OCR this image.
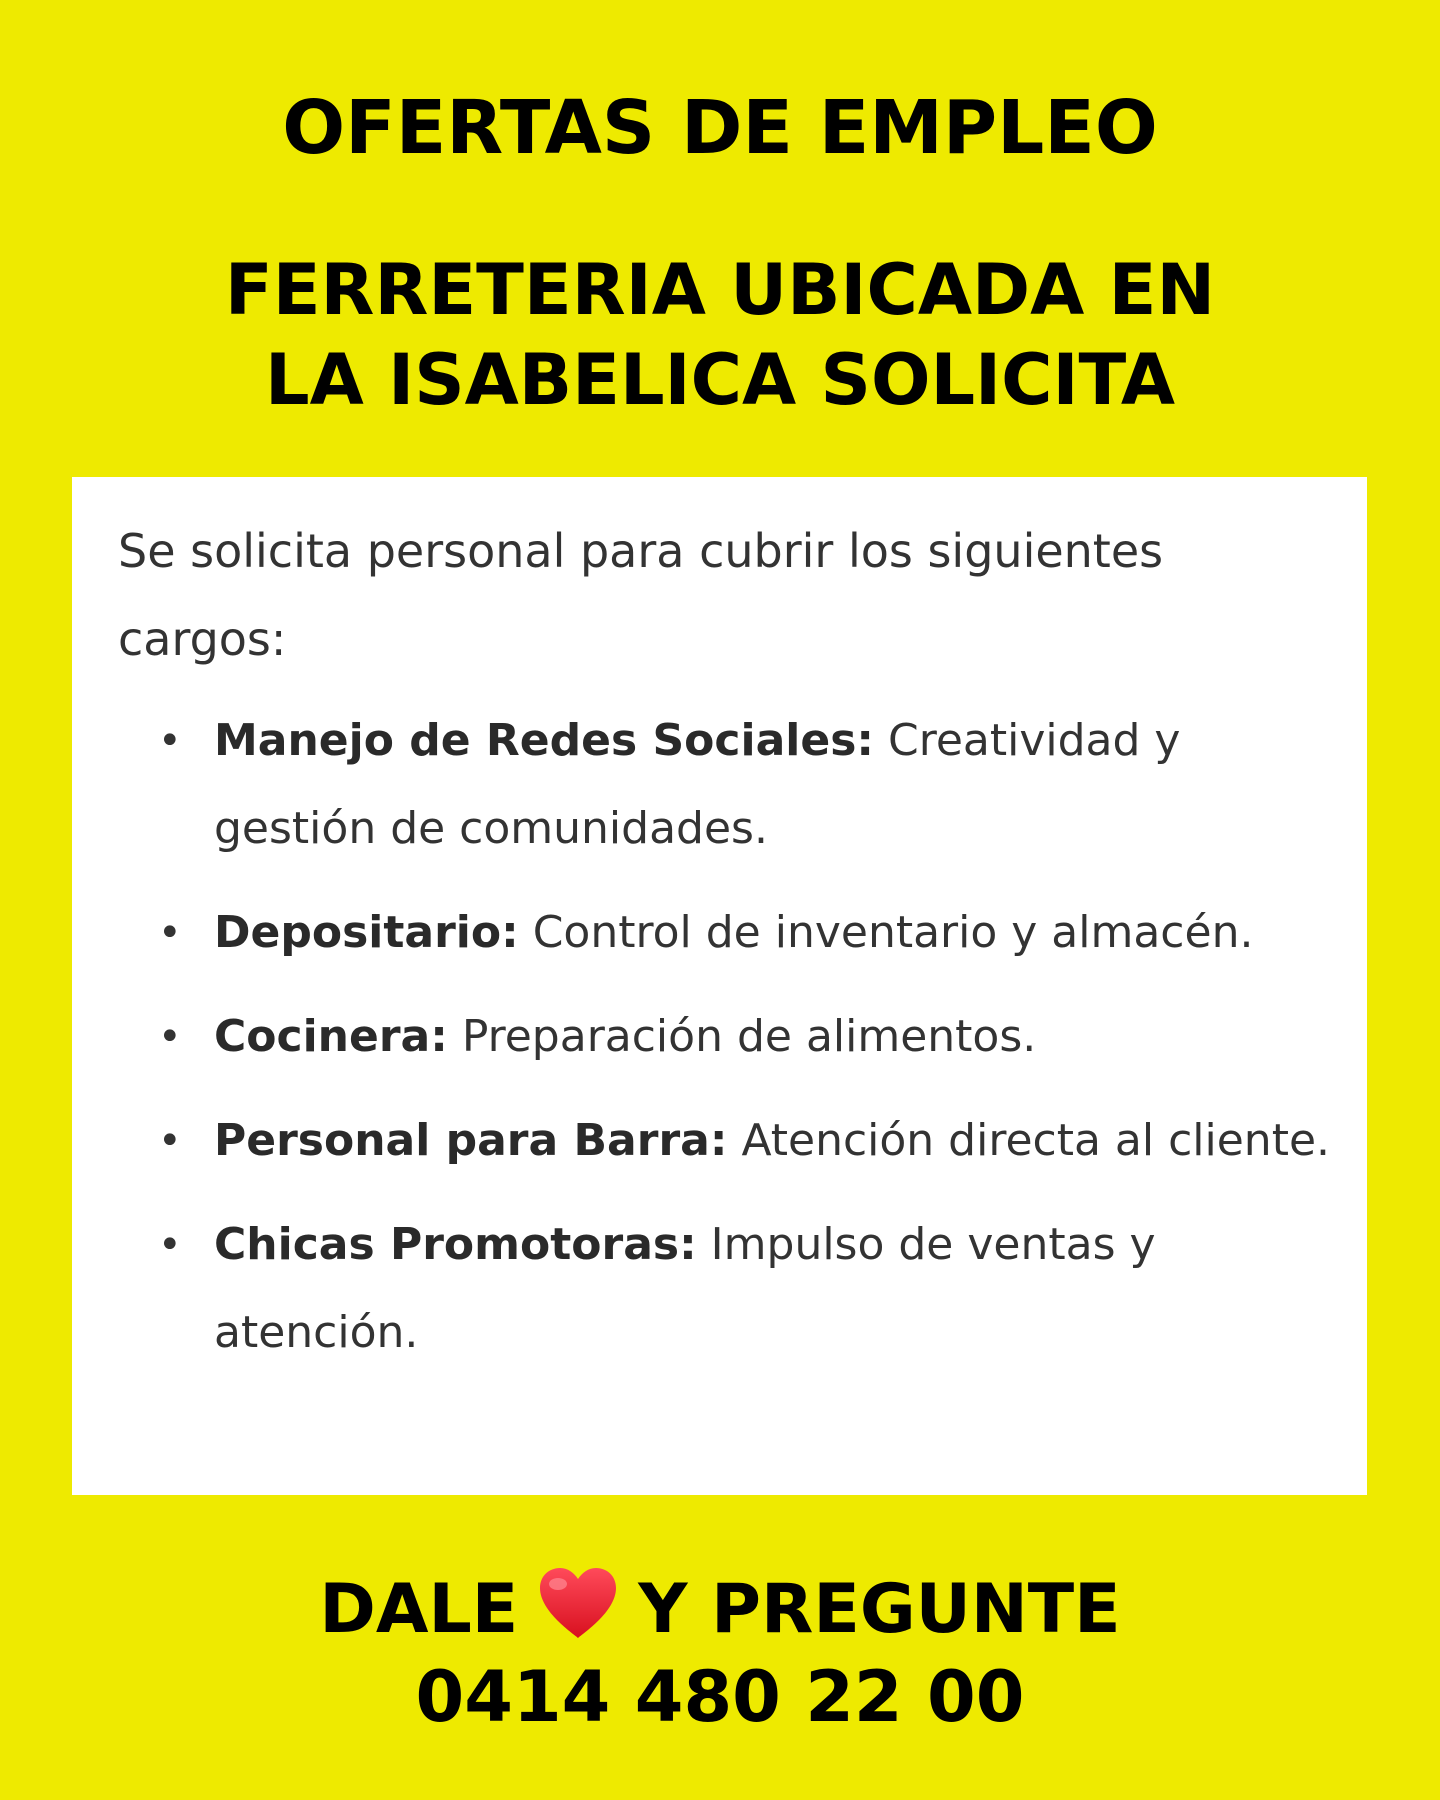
OFERTAS DE EMPLEO
FERRETERIA UBICADA EN
LA ISABELICA SOLICITA

Se solicita personal para cubrir los siguientes cargos:

• Manejo de Redes Sociales: Creatividad y gestión de comunidades.
• Depositario: Control de inventario y almacén.
• Cocinera: Preparación de alimentos.
• Personal para Barra: Atención directa al cliente.
• Chicas Promotoras: Impulso de ventas y atención.

DALE Y PREGUNTE

0414 480 22 00
